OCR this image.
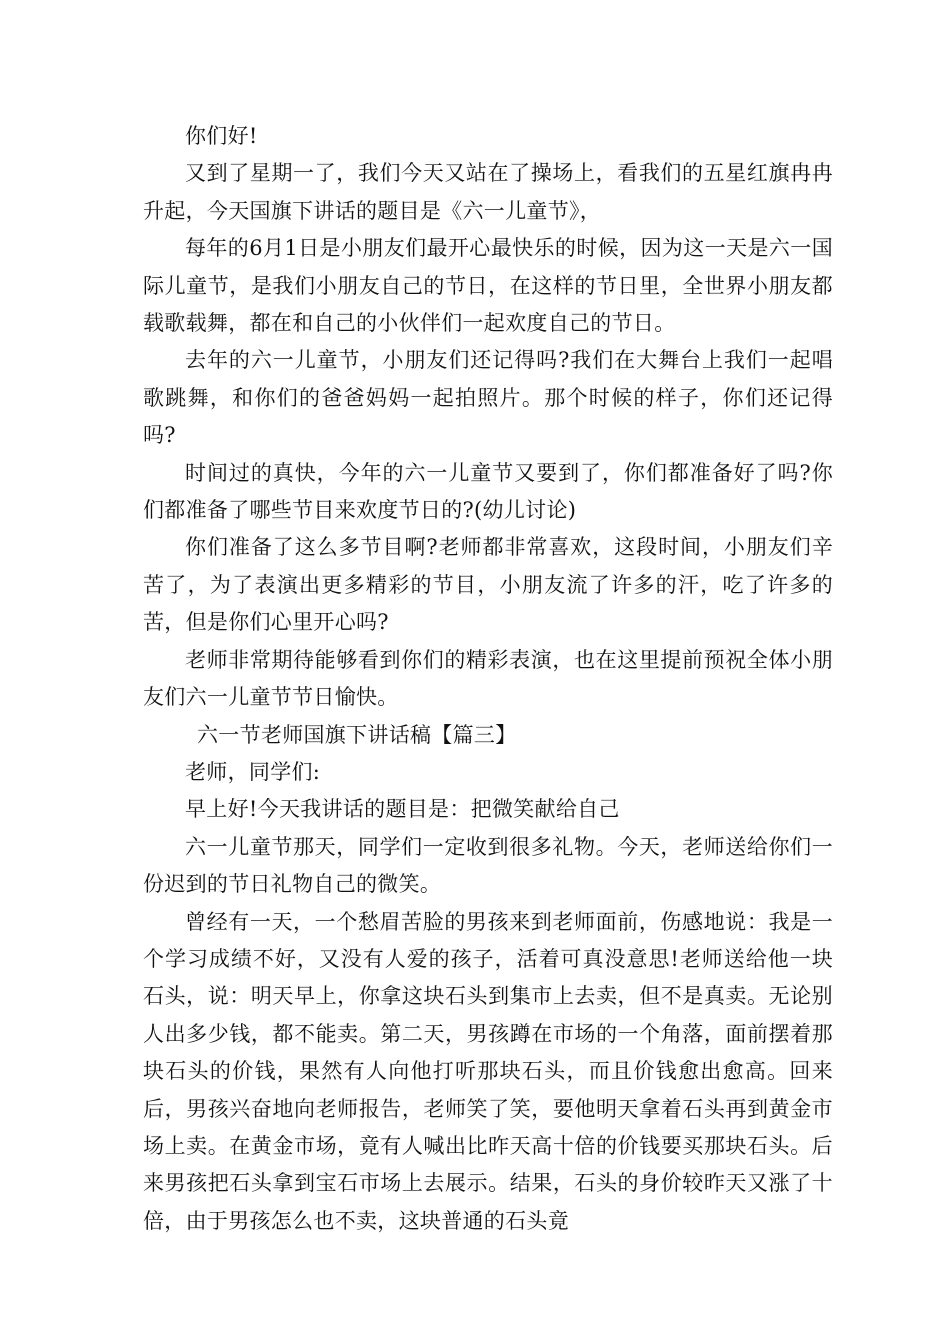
你们好!

又到了星期一了，我们今天又站在了操场上，看我们的五星红旗冉冉升起，今天国旗下讲话的题目是《六一儿童节》，

每年的6月1日是小朋友们最开心最快乐的时候，因为这一天是六一国际儿童节，是我们小朋友自己的节日，在这样的节日里，全世界小朋友都载歌载舞，都在和自己的小伙伴们一起欢度自己的节日。

去年的六一儿童节，小朋友们还记得吗?我们在大舞台上我们一起唱歌跳舞，和你们的爸爸妈妈一起拍照片。那个时候的样子，你们还记得吗?

时间过的真快，今年的六一儿童节又要到了，你们都准备好了吗?你们都准备了哪些节目来欢度节日的?(幼儿讨论)

你们准备了这么多节目啊?老师都非常喜欢，这段时间，小朋友们辛苦了，为了表演出更多精彩的节目，小朋友流了许多的汗，吃了许多的苦，但是你们心里开心吗?

老师非常期待能够看到你们的精彩表演，也在这里提前预祝全体小朋友们六一儿童节节日愉快。

六一节老师国旗下讲话稿【篇三】

老师，同学们:

早上好!今天我讲话的题目是：把微笑献给自己

六一儿童节那天，同学们一定收到很多礼物。今天，老师送给你们一份迟到的节日礼物自己的微笑。

曾经有一天，一个愁眉苦脸的男孩来到老师面前，伤感地说：我是一个学习成绩不好，又没有人爱的孩子，活着可真没意思!老师送给他一块石头，说：明天早上，你拿这块石头到集市上去卖，但不是真卖。无论别人出多少钱，都不能卖。第二天，男孩蹲在市场的一个角落，面前摆着那块石头的价钱，果然有人向他打听那块石头，而且价钱愈出愈高。回来后，男孩兴奋地向老师报告，老师笑了笑，要他明天拿着石头再到黄金市场上卖。在黄金市场，竟有人喊出比昨天高十倍的价钱要买那块石头。后来男孩把石头拿到宝石市场上去展示。结果，石头的身价较昨天又涨了十倍，由于男孩怎么也不卖，这块普通的石头竟
